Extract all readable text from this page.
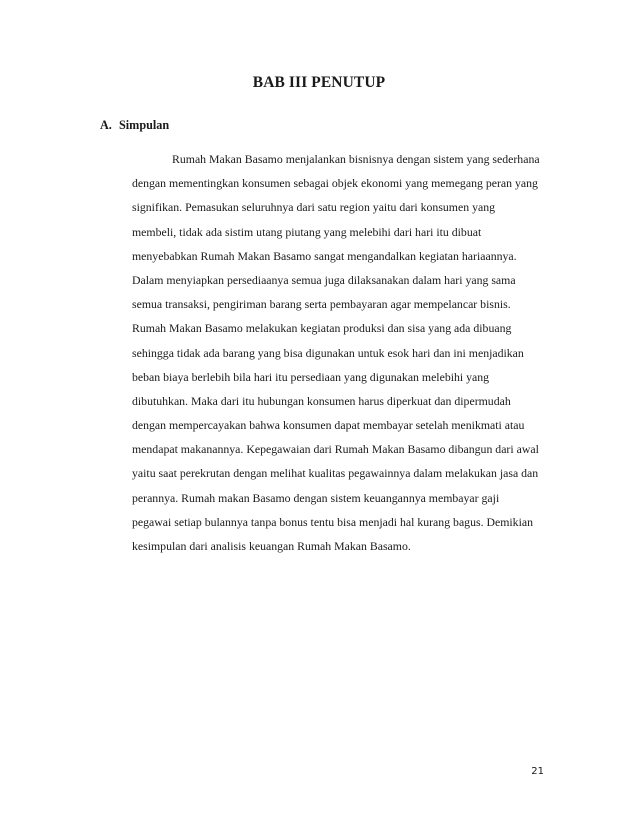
BAB III PENUTUP
A. Simpulan
Rumah Makan Basamo menjalankan bisnisnya dengan sistem yang sederhana
dengan mementingkan konsumen sebagai objek ekonomi yang memegang peran yang
signifikan. Pemasukan seluruhnya dari satu region yaitu dari konsumen yang
membeli, tidak ada sistim utang piutang yang melebihi dari hari itu dibuat
menyebabkan Rumah Makan Basamo sangat mengandalkan kegiatan hariaannya.
Dalam menyiapkan persediaanya semua juga dilaksanakan dalam hari yang sama
semua transaksi, pengiriman barang serta pembayaran agar mempelancar bisnis.
Rumah Makan Basamo melakukan kegiatan produksi dan sisa yang ada dibuang
sehingga tidak ada barang yang bisa digunakan untuk esok hari dan ini menjadikan
beban biaya berlebih bila hari itu persediaan yang digunakan melebihi yang
dibutuhkan. Maka dari itu hubungan konsumen harus diperkuat dan dipermudah
dengan mempercayakan bahwa konsumen dapat membayar setelah menikmati atau
mendapat makanannya. Kepegawaian dari Rumah Makan Basamo dibangun dari awal
yaitu saat perekrutan dengan melihat kualitas pegawainnya dalam melakukan jasa dan
perannya. Rumah makan Basamo dengan sistem keuangannya membayar gaji
pegawai setiap bulannya tanpa bonus tentu bisa menjadi hal kurang bagus. Demikian
kesimpulan dari analisis keuangan Rumah Makan Basamo.
21
